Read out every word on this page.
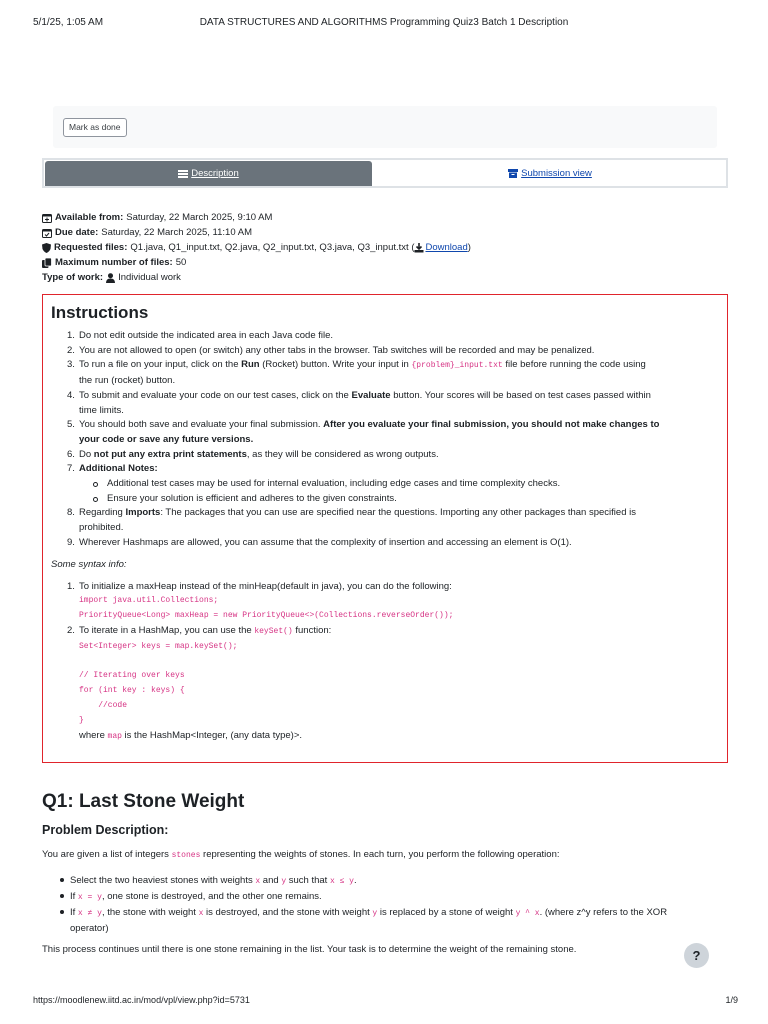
5/1/25, 1:05 AM	DATA STRUCTURES AND ALGORITHMS Programming Quiz3 Batch 1 Description
Mark as done
Description	Submission view
Available from: Saturday, 22 March 2025, 9:10 AM
Due date: Saturday, 22 March 2025, 11:10 AM
Requested files: Q1.java, Q1_input.txt, Q2.java, Q2_input.txt, Q3.java, Q3_input.txt ( Download )
Maximum number of files: 50
Type of work: Individual work
Instructions
1. Do not edit outside the indicated area in each Java code file.
2. You are not allowed to open (or switch) any other tabs in the browser. Tab switches will be recorded and may be penalized.
3. To run a file on your input, click on the Run (Rocket) button. Write your input in {problem}_input.txt file before running the code using
the run (rocket) button.
4. To submit and evaluate your code on our test cases, click on the Evaluate button. Your scores will be based on test cases passed within
time limits.
5. You should both save and evaluate your final submission. After you evaluate your final submission, you should not make changes to
your code or save any future versions.
6. Do not put any extra print statements, as they will be considered as wrong outputs.
7. Additional Notes:
Additional test cases may be used for internal evaluation, including edge cases and time complexity checks.
Ensure your solution is efficient and adheres to the given constraints.
8. Regarding Imports: The packages that you can use are specified near the questions. Importing any other packages than specified is
prohibited.
9. Wherever Hashmaps are allowed, you can assume that the complexity of insertion and accessing an element is O(1).
Some syntax info:
1. To initialize a maxHeap instead of the minHeap(default in java), you can do the following:
import java.util.Collections;
PriorityQueue<Long> maxHeap = new PriorityQueue<>(Collections.reverseOrder());
2. To iterate in a HashMap, you can use the keySet() function:
Set<Integer> keys = map.keySet();

// Iterating over keys
for (int key : keys) {
//code
}
where map is the HashMap<Integer, (any data type)>.
Q1: Last Stone Weight
Problem Description:
You are given a list of integers stones representing the weights of stones. In each turn, you perform the following operation:
Select the two heaviest stones with weights x and y such that x ≤ y.
If x = y, one stone is destroyed, and the other one remains.
If x ≠ y, the stone with weight x is destroyed, and the stone with weight y is replaced by a stone of weight y ^ x. (where z^y refers to the XOR
operator)
This process continues until there is one stone remaining in the list. Your task is to determine the weight of the remaining stone.	?
https://moodlenew.iitd.ac.in/mod/vpl/view.php?id=5731	1/9
